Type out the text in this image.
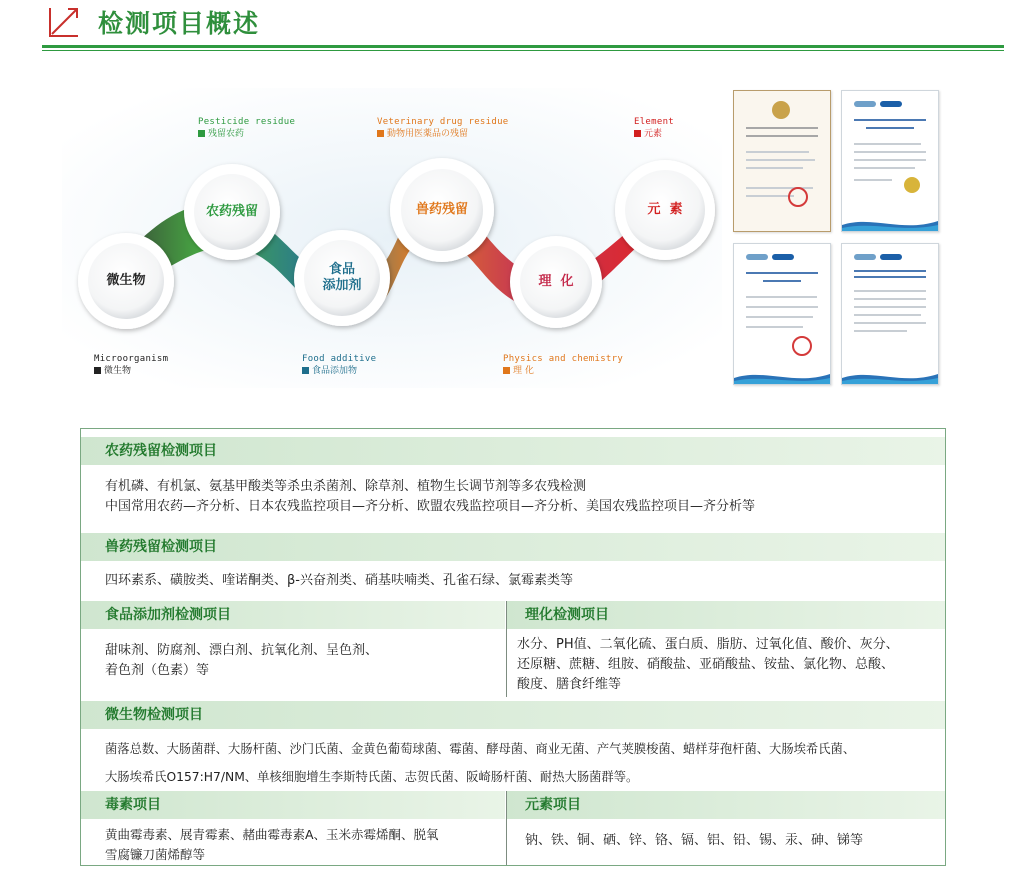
检测项目概述
微生物
农药残留
食品
添加剂
兽药残留
理  化
元  素
Pesticide residue
残留农药
Veterinary drug residue
動物用医薬品の残留
Element
元素
Microorganism
微生物
Food additive
食品添加物
Physics and chemistry
理 化
农药残留检测项目
有机磷、有机氯、氨基甲酸类等杀虫杀菌剂、除草剂、植物生长调节剂等多农残检测
中国常用农药—齐分析、日本农残监控项目—齐分析、欧盟农残监控项目—齐分析、美国农残监控项目—齐分析等
兽药残留检测项目
四环素系、磺胺类、喹诺酮类、β-兴奋剂类、硝基呋喃类、孔雀石绿、氯霉素类等
食品添加剂检测项目	理化检测项目
甜味剂、防腐剂、漂白剂、抗氧化剂、呈色剂、
着色剂（色素）等
水分、PH值、二氧化硫、蛋白质、脂肪、过氧化值、酸价、灰分、
还原糖、蔗糖、组胺、硝酸盐、亚硝酸盐、铵盐、氯化物、总酸、
酸度、膳食纤维等
微生物检测项目
菌落总数、大肠菌群、大肠杆菌、沙门氏菌、金黄色葡萄球菌、霉菌、酵母菌、商业无菌、产气荚膜梭菌、蜡样芽孢杆菌、大肠埃希氏菌、
大肠埃希氏O157:H7/NM、单核细胞增生李斯特氏菌、志贺氏菌、阪崎肠杆菌、耐热大肠菌群等。
毒素项目	元素项目
黄曲霉毒素、展青霉素、赭曲霉毒素A、玉米赤霉烯酮、脱氧
雪腐镰刀菌烯醇等
钠、铁、铜、硒、锌、铬、镉、铝、铅、锡、汞、砷、锑等
